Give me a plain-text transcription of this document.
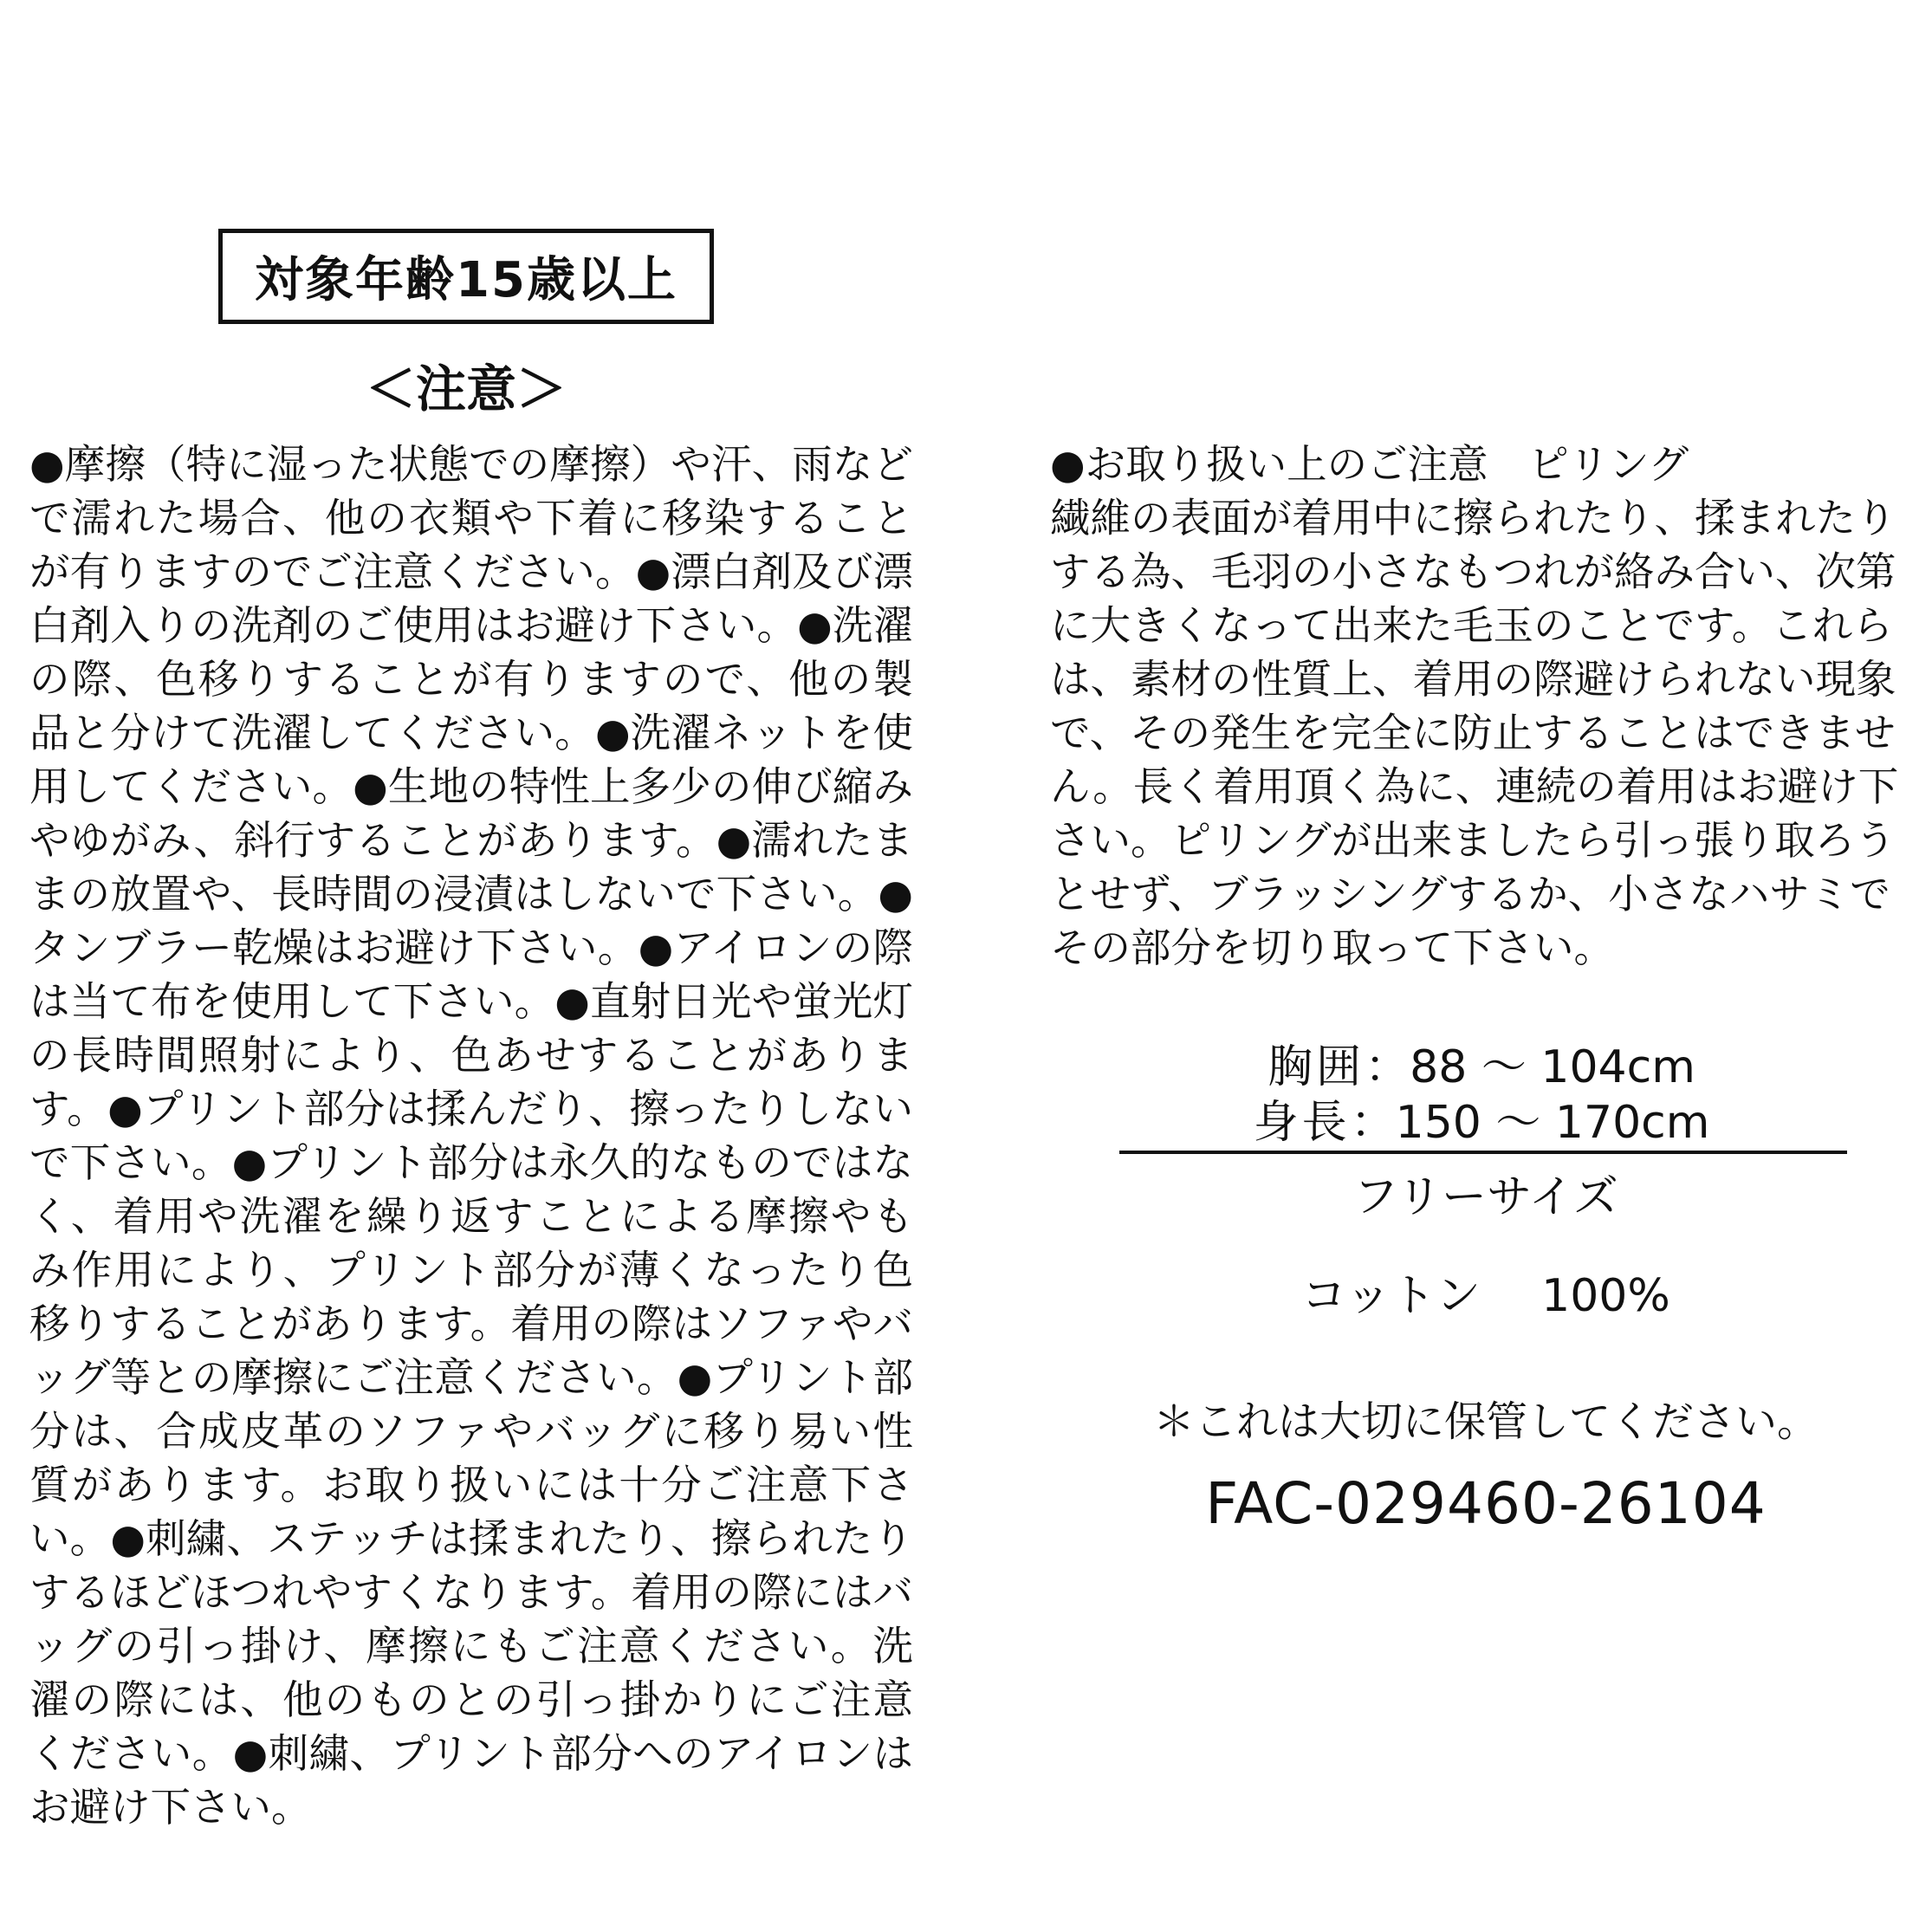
対象年齢15歳以上
＜注意＞
●摩擦（特に湿った状態での摩擦）や汗、雨などで濡れた場合、他の衣類や下着に移染することが有りますのでご注意ください。●漂白剤及び漂白剤入りの洗剤のご使用はお避け下さい。●洗濯の際、色移りすることが有りますので、他の製品と分けて洗濯してください。●洗濯ネットを使用してください。●生地の特性上多少の伸び縮みやゆがみ、斜行することがあります。●濡れたままの放置や、長時間の浸漬はしないで下さい。●タンブラー乾燥はお避け下さい。●アイロンの際は当て布を使用して下さい。●直射日光や蛍光灯の長時間照射により、色あせすることがあります。●プリント部分は揉んだり、擦ったりしないで下さい。●プリント部分は永久的なものではなく、着用や洗濯を繰り返すことによる摩擦やもみ作用により、プリント部分が薄くなったり色移りすることがあります。着用の際はソファやバッグ等との摩擦にご注意ください。●プリント部分は、合成皮革のソファやバッグに移り易い性質があります。お取り扱いには十分ご注意下さい。●刺繍、ステッチは揉まれたり、擦られたりするほどほつれやすくなります。着用の際にはバッグの引っ掛け、摩擦にもご注意ください。洗濯の際には、他のものとの引っ掛かりにご注意ください。●刺繍、プリント部分へのアイロンはお避け下さい。

●お取り扱い上のご注意　ピリング

繊維の表面が着用中に擦られたり、揉まれたりする為、毛羽の小さなもつれが絡み合い、次第に大きくなって出来た毛玉のことです。これらは、素材の性質上、着用の際避けられない現象で、その発生を完全に防止することはできません。長く着用頂く為に、連続の着用はお避け下さい。ピリングが出来ましたら引っ張り取ろうとせず、ブラッシングするか、小さなハサミでその部分を切り取って下さい。

胸囲：88 ～ 104cm
身長：150 ～ 170cm
フリーサイズ
コットン 100%
＊これは大切に保管してください。
FAC-029460-26104
